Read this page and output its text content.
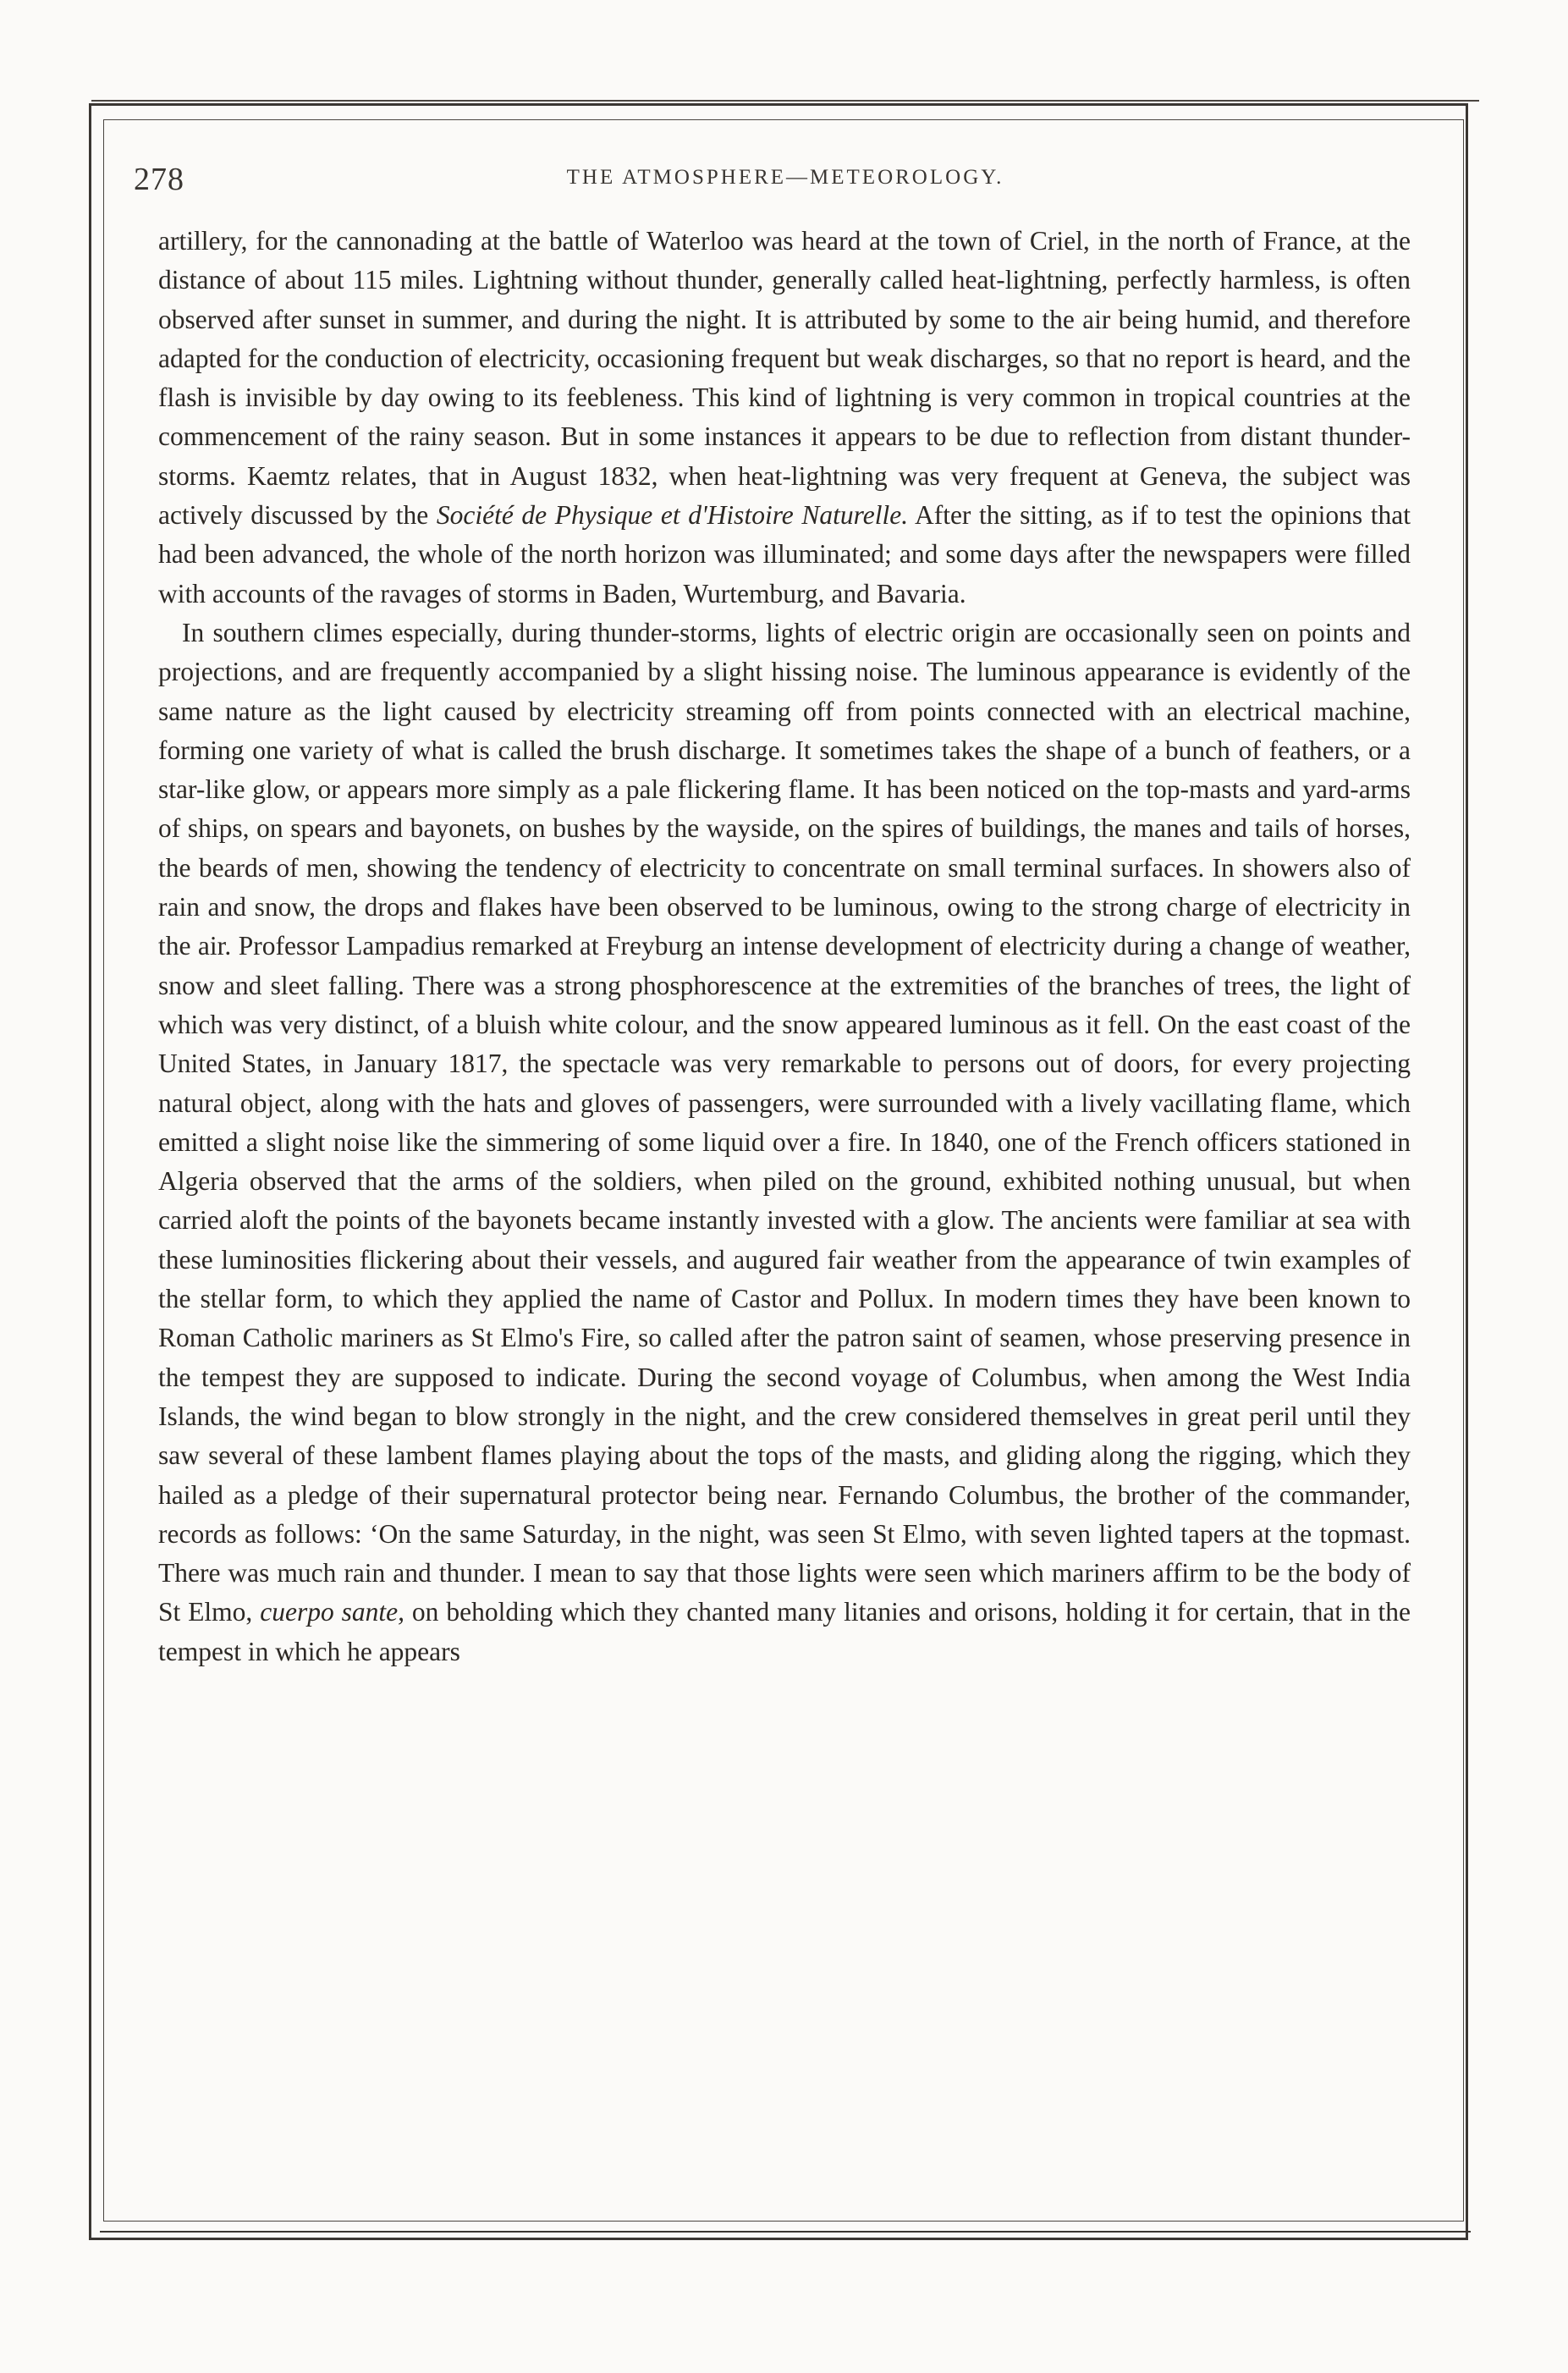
278	THE ATMOSPHERE—METEOROLOGY.

artillery, for the cannonading at the battle of Waterloo was heard at the town of Criel, in the north of France, at the distance of about 115 miles. Lightning without thunder, generally called heat-lightning, perfectly harmless, is often observed after sunset in summer, and during the night. It is attributed by some to the air being humid, and therefore adapted for the conduction of electricity, occasioning frequent but weak discharges, so that no report is heard, and the flash is invisible by day owing to its feebleness. This kind of lightning is very common in tropical countries at the commencement of the rainy season. But in some instances it appears to be due to reflection from distant thunder-storms. Kaemtz relates, that in August 1832, when heat-lightning was very frequent at Geneva, the subject was actively discussed by the Société de Physique et d'Histoire Naturelle. After the sitting, as if to test the opinions that had been advanced, the whole of the north horizon was illuminated; and some days after the newspapers were filled with accounts of the ravages of storms in Baden, Wurtemburg, and Bavaria.

In southern climes especially, during thunder-storms, lights of electric origin are occasionally seen on points and projections, and are frequently accompanied by a slight hissing noise. The luminous appearance is evidently of the same nature as the light caused by electricity streaming off from points connected with an electrical machine, forming one variety of what is called the brush discharge. It sometimes takes the shape of a bunch of feathers, or a star-like glow, or appears more simply as a pale flickering flame. It has been noticed on the top-masts and yard-arms of ships, on spears and bayonets, on bushes by the wayside, on the spires of buildings, the manes and tails of horses, the beards of men, showing the tendency of electricity to concentrate on small terminal surfaces. In showers also of rain and snow, the drops and flakes have been observed to be luminous, owing to the strong charge of electricity in the air. Professor Lampadius remarked at Freyburg an intense development of electricity during a change of weather, snow and sleet falling. There was a strong phosphorescence at the extremities of the branches of trees, the light of which was very distinct, of a bluish white colour, and the snow appeared luminous as it fell. On the east coast of the United States, in January 1817, the spectacle was very remarkable to persons out of doors, for every projecting natural object, along with the hats and gloves of passengers, were surrounded with a lively vacillating flame, which emitted a slight noise like the simmering of some liquid over a fire. In 1840, one of the French officers stationed in Algeria observed that the arms of the soldiers, when piled on the ground, exhibited nothing unusual, but when carried aloft the points of the bayonets became instantly invested with a glow. The ancients were familiar at sea with these luminosities flickering about their vessels, and augured fair weather from the appearance of twin examples of the stellar form, to which they applied the name of Castor and Pollux. In modern times they have been known to Roman Catholic mariners as St Elmo's Fire, so called after the patron saint of seamen, whose preserving presence in the tempest they are supposed to indicate. During the second voyage of Columbus, when among the West India Islands, the wind began to blow strongly in the night, and the crew considered themselves in great peril until they saw several of these lambent flames playing about the tops of the masts, and gliding along the rigging, which they hailed as a pledge of their supernatural protector being near. Fernando Columbus, the brother of the commander, records as follows: ‘On the same Saturday, in the night, was seen St Elmo, with seven lighted tapers at the topmast. There was much rain and thunder. I mean to say that those lights were seen which mariners affirm to be the body of St Elmo, cuerpo sante, on beholding which they chanted many litanies and orisons, holding it for certain, that in the tempest in which he appears
